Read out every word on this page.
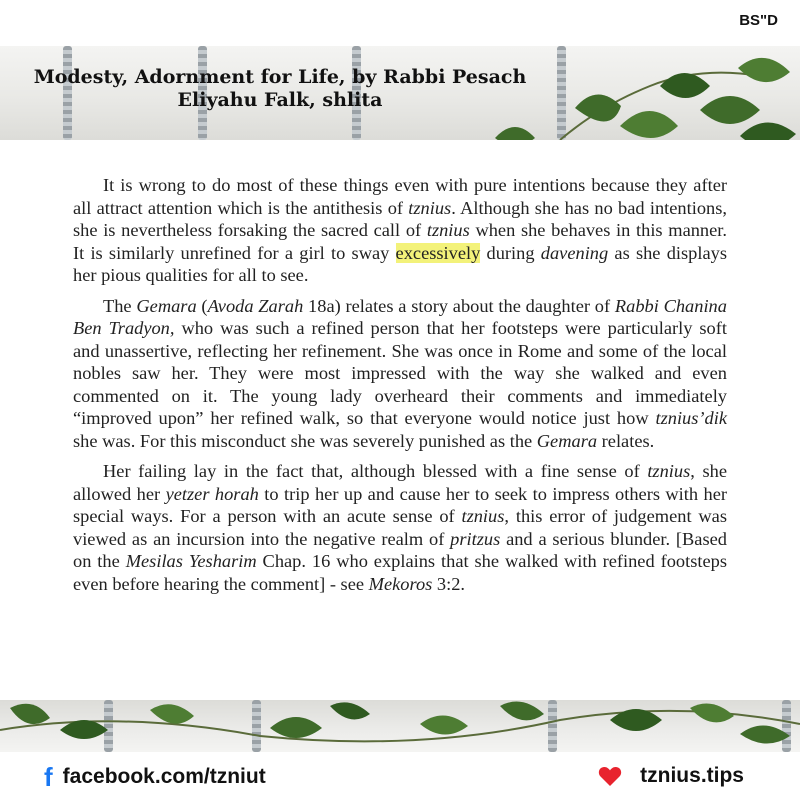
BS"D
Modesty, Adornment for Life, by Rabbi Pesach
Eliyahu Falk, shlita

It is wrong to do most of these things even with pure intentions because they after all attract attention which is the antithesis of tznius. Although she has no bad intentions, she is nevertheless forsaking the sacred call of tznius when she behaves in this manner. It is similarly unrefined for a girl to sway excessively during davening as she displays her pious qualities for all to see.

The Gemara (Avoda Zarah 18a) relates a story about the daughter of Rabbi Chanina Ben Tradyon, who was such a refined person that her footsteps were particularly soft and unassertive, reflecting her refinement. She was once in Rome and some of the local nobles saw her. They were most impressed with the way she walked and even commented on it. The young lady overheard their comments and immediately “improved upon” her refined walk, so that everyone would notice just how tznius’dik she was. For this misconduct she was severely punished as the Gemara relates.

Her failing lay in the fact that, although blessed with a fine sense of tznius, she allowed her yetzer horah to trip her up and cause her to seek to impress others with her special ways. For a person with an acute sense of tznius, this error of judgement was viewed as an incursion into the negative realm of pritzus and a serious blunder. [Based on the Mesilas Yesharim Chap. 16 who explains that she walked with refined footsteps even before hearing the comment] - see Mekoros 3:2.

f facebook.com/tzniut	tznius.tips
